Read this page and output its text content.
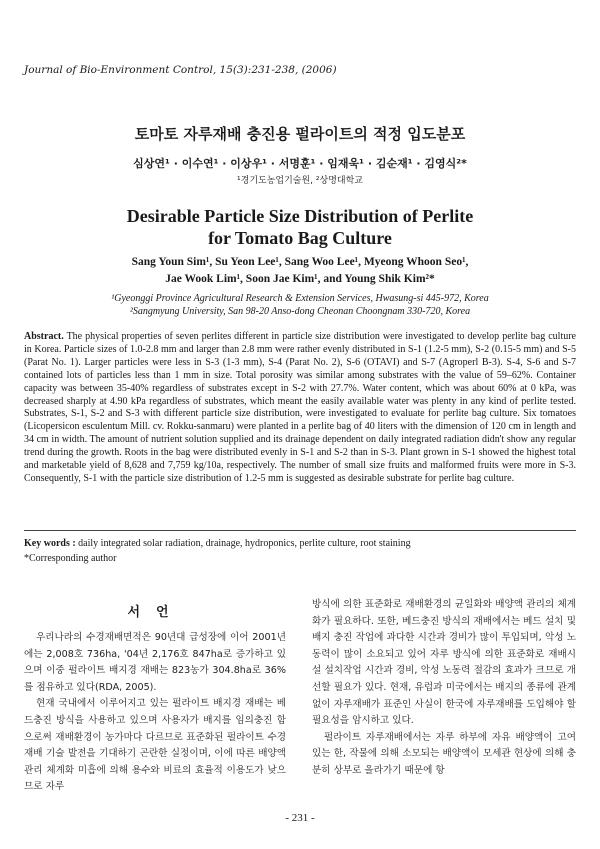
Journal of Bio-Environment Control, 15(3):231-238, (2006)
토마토 자루재배 충진용 펄라이트의 적정 입도분포
심상연¹ · 이수연¹ · 이상우¹ · 서명훈¹ · 임재욱¹ · 김순재¹ · 김영식²*
¹경기도농업기술원, ²상명대학교
Desirable Particle Size Distribution of Perlite
for Tomato Bag Culture
Sang Youn Sim¹, Su Yeon Lee¹, Sang Woo Lee¹, Myeong Whoon Seo¹,
Jae Wook Lim¹, Soon Jae Kim¹, and Young Shik Kim²*
¹Gyeonggi Province Agricultural Research & Extension Services, Hwasung-si 445-972, Korea
²Sangmyung University, San 98-20 Anso-dong Cheonan Choongnam 330-720, Korea
Abstract. The physical properties of seven perlites different in particle size distribution were investigated to develop perlite bag culture in Korea. Particle sizes of 1.0-2.8 mm and larger than 2.8 mm were rather evenly distributed in S-1 (1.2-5 mm), S-2 (0.15-5 mm) and S-5 (Parat No. 1). Larger particles were less in S-3 (1-3 mm), S-4 (Parat No. 2), S-6 (OTAVI) and S-7 (Agroperl B-3). S-4, S-6 and S-7 contained lots of particles less than 1 mm in size. Total porosity was similar among substrates with the value of 59–62%. Container capacity was between 35-40% regardless of substrates except in S-2 with 27.7%. Water content, which was about 60% at 0 kPa, was decreased sharply at 4.90 kPa regardless of substrates, which meant the easily available water was plenty in any kind of perlite tested. Substrates, S-1, S-2 and S-3 with different particle size distribution, were investigated to evaluate for perlite bag culture. Six tomatoes (Licopersicon esculentum Mill. cv. Rokku-sanmaru) were planted in a perlite bag of 40 liters with the dimension of 120 cm in length and 34 cm in width. The amount of nutrient solution supplied and its drainage dependent on daily integrated radiation didn't show any regular trend during the growth. Roots in the bag were distributed evenly in S-1 and S-2 than in S-3. Plant grown in S-1 showed the highest total and marketable yield of 8,628 and 7,759 kg/10a, respectively. The number of small size fruits and malformed fruits were more in S-3. Consequently, S-1 with the particle size distribution of 1.2-5 mm is suggested as desirable substrate for perlite bag culture.
Key words : daily integrated solar radiation, drainage, hydroponics, perlite culture, root staining
*Corresponding author
서언

우리나라의 수경재배면적은 90년대 급성장에 이어 2001년에는 2,008호 736ha, '04년 2,176호 847ha로 증가하고 있으며 이중 펄라이트 배지경 재배는 823농가 304.8ha로 36%를 점유하고 있다(RDA, 2005).

현재 국내에서 이루어지고 있는 펄라이트 배지경 재배는 베드충진 방식을 사용하고 있으며 사용자가 배지를 임의충진 함으로써 재배환경이 농가마다 다르므로 표준화된 펄라이트 수경재배 기술 발전을 기대하기 곤란한 실정이며, 이에 따른 배양액관리 체계화 미흡에 의해 용수와 비료의 효율적 이용도가 낮으므로 자루

방식에 의한 표준화로 재배환경의 균일화와 배양액 관리의 체계화가 필요하다. 또한, 베드충진 방식의 재배에서는 베드 설치 및 배지 충진 작업에 과다한 시간과 경비가 많이 투입되며, 악성 노동력이 많이 소요되고 있어 자루 방식에 의한 표준화로 재배시설 설치작업 시간과 경비, 악성 노동력 절감의 효과가 크므로 개선할 필요가 있다. 현재, 유럽과 미국에서는 배지의 종류에 관계없이 자루재배가 표준인 사실이 한국에 자루재배를 도입해야 할 필요성을 암시하고 있다.

펄라이트 자루재배에서는 자루 하부에 자유 배양액이 고여 있는 한, 작물에 의해 소모되는 배양액이 모세관 현상에 의해 충분히 상부로 올라가기 때문에 항

- 231 -
